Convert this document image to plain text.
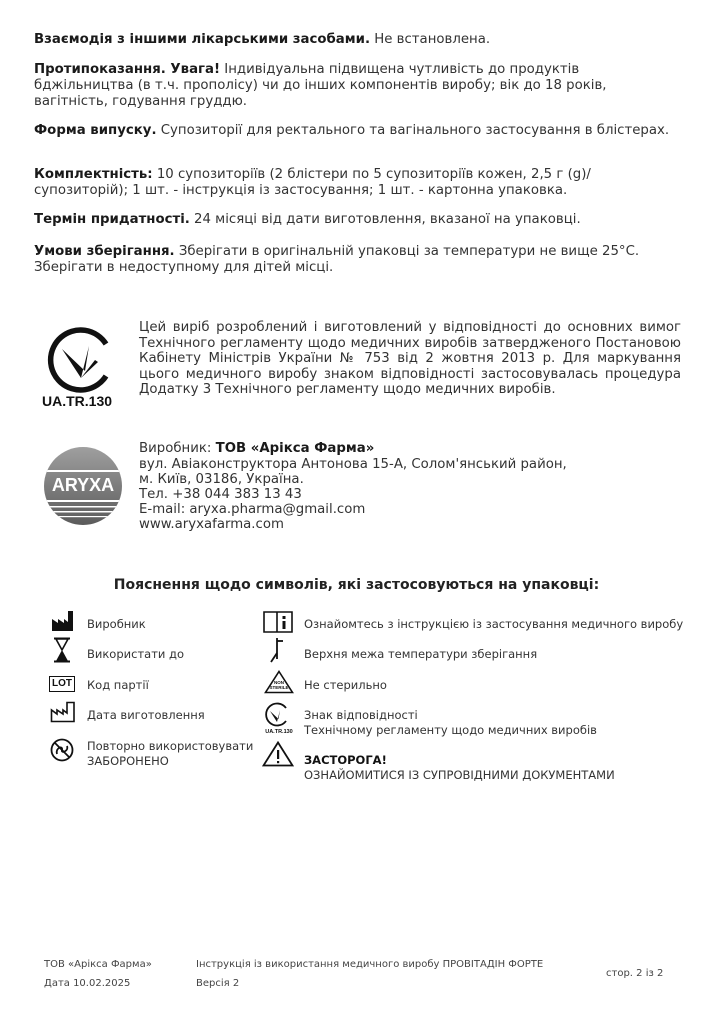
Взаємодія з іншими лікарськими засобами. Не встановлена.
Протипоказання. Увага! Індивідуальна підвищена чутливість до продуктів бджільництва (в т.ч. прополісу) чи до інших компонентів виробу; вік до 18 років, вагітність, годування груддю.
Форма випуску. Супозиторії для ректального та вагінального застосування в блістерах.
Комплектність: 10 супозиторіїв (2 блістери по 5 супозиторіїв кожен, 2,5 г (g)/супозиторій); 1 шт. - інструкція із застосування; 1 шт. - картонна упаковка.
Термін придатності. 24 місяці від дати виготовлення, вказаної на упаковці.
Умови зберігання. Зберігати в оригінальній упаковці за температури не вище 25°С. Зберігати в недоступному для дітей місці.
UA.TR.130
Цей виріб розроблений і виготовлений у відповідності до основних вимог Технічного регламенту щодо медичних виробів затвердженого Постановою Кабінету Міністрів України № 753 від 2 жовтня 2013 р. Для маркування цього медичного виробу знаком відповідності застосовувалась процедура Додатку 3 Технічного регламенту щодо медичних виробів.
ARYXA
Виробник: ТОВ «Арікса Фарма»
вул. Авіаконструктора Антонова 15-А, Солом'янський район,
м. Київ, 03186, Україна.
Тел. +38 044 383 13 43
E-mail: aryxa.pharma@gmail.com
www.aryxafarma.com
Пояснення щодо символів, які застосовуються на упаковці:
Виробник
Використати до
LOT Код партії
Дата виготовлення
Повторно використовувати
ЗАБОРОНЕНО
Ознайомтесь з інструкцією із застосування медичного виробу
Верхня межа температури зберігання
NON
STERILE	Не стерильно
UA.TR.130
Знак відповідності
Технічному регламенту щодо медичних виробів
ЗАСТОРОГА!
ОЗНАЙОМИТИСЯ ІЗ СУПРОВІДНИМИ ДОКУМЕНТАМИ
ТОВ «Арікса Фарма»
Дата 10.02.2025
Інструкція із використання медичного виробу ПРОВІТАДІН ФОРТЕ
Версія 2
стор. 2 із 2
